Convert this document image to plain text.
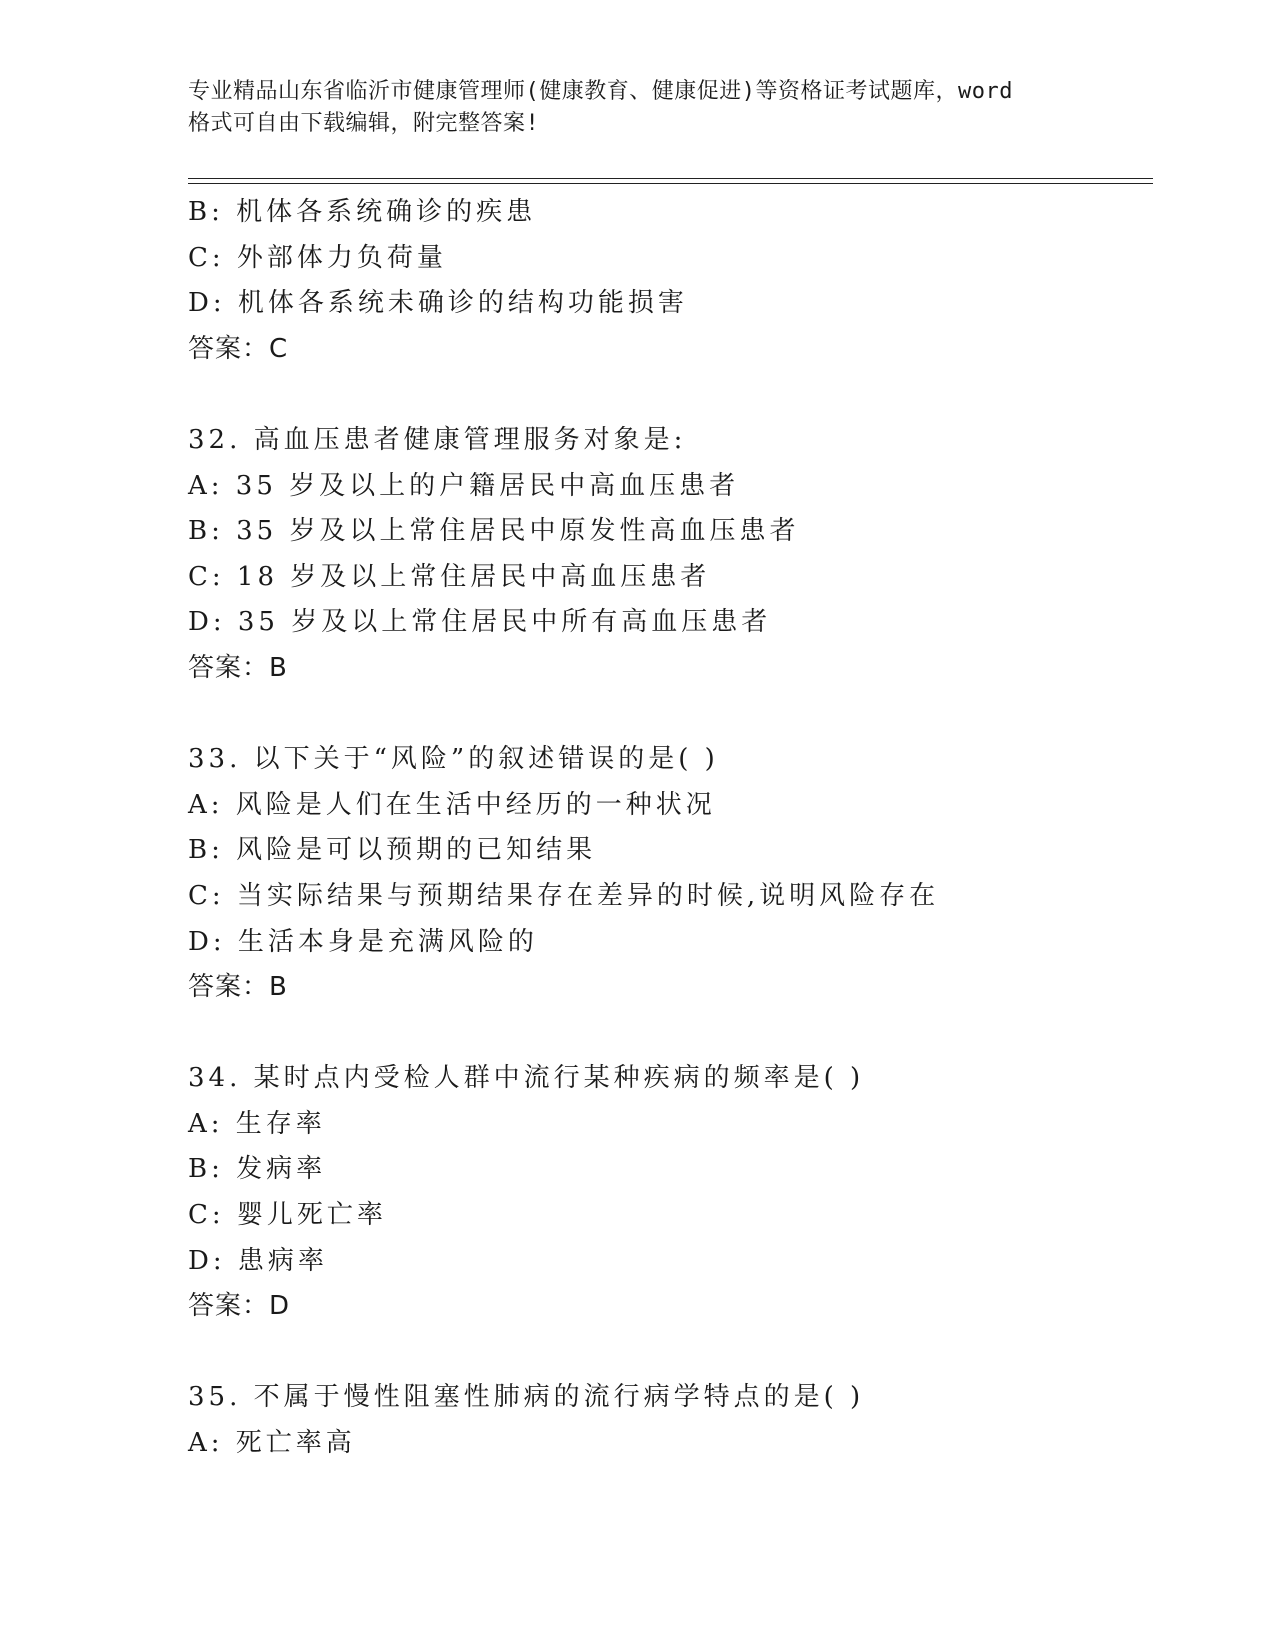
专业精品山东省临沂市健康管理师(健康教育、健康促进)等资格证考试题库，word
格式可自由下载编辑，附完整答案!
B: 机体各系统确诊的疾患
C: 外部体力负荷量
D: 机体各系统未确诊的结构功能损害
答案：C
32. 高血压患者健康管理服务对象是:
A: 35 岁及以上的户籍居民中高血压患者
B: 35 岁及以上常住居民中原发性高血压患者
C: 18 岁及以上常住居民中高血压患者
D: 35 岁及以上常住居民中所有高血压患者
答案：B
33. 以下关于“风险”的叙述错误的是( )
A: 风险是人们在生活中经历的一种状况
B: 风险是可以预期的已知结果
C: 当实际结果与预期结果存在差异的时候,说明风险存在
D: 生活本身是充满风险的
答案：B
34. 某时点内受检人群中流行某种疾病的频率是( )
A: 生存率
B: 发病率
C: 婴儿死亡率
D: 患病率
答案：D
35. 不属于慢性阻塞性肺病的流行病学特点的是( )
A: 死亡率高
